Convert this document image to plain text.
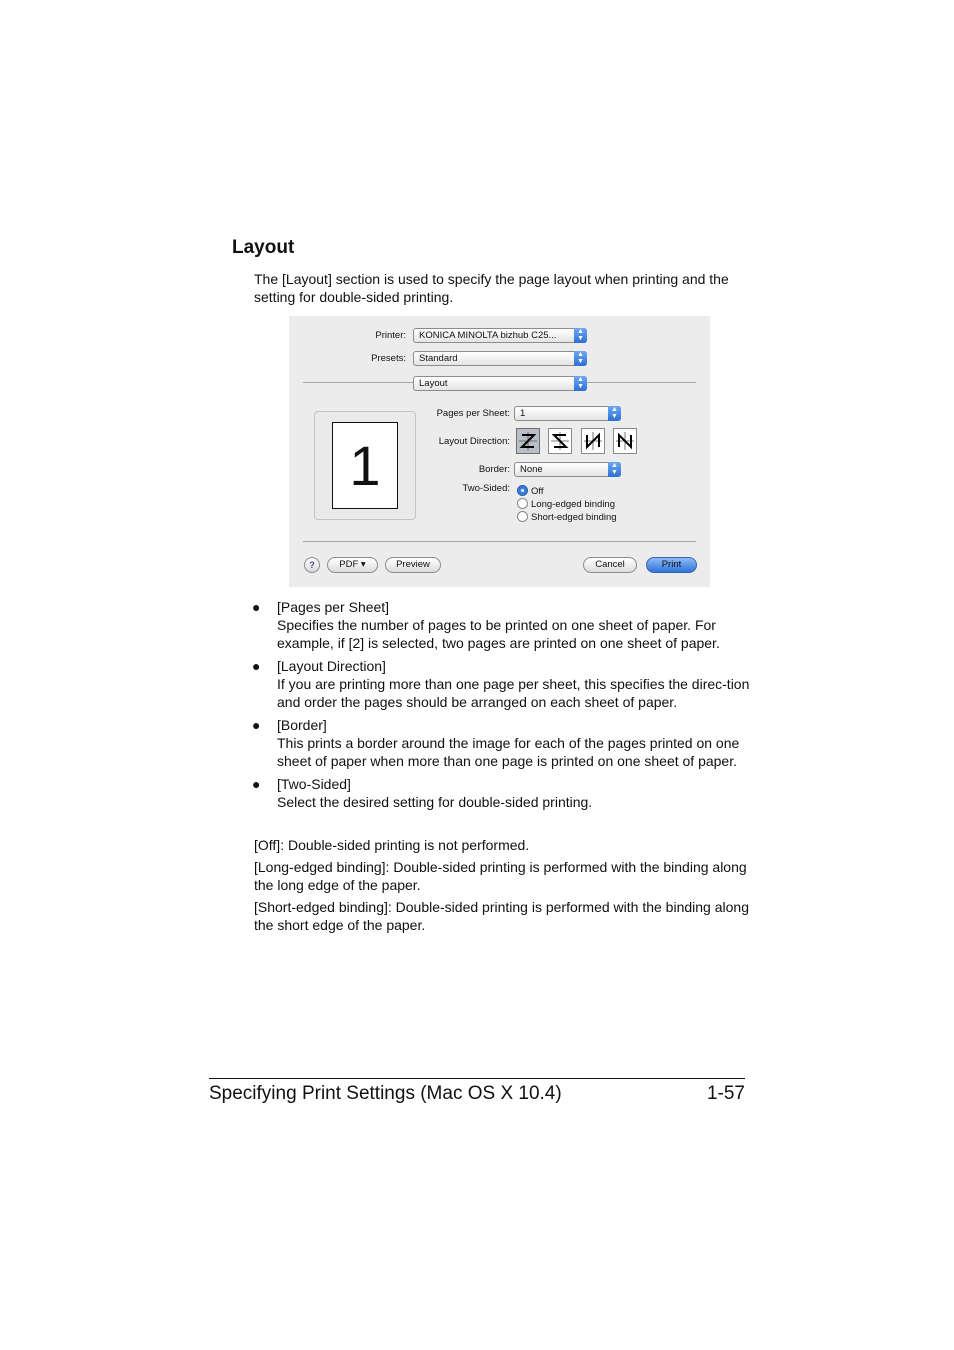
Layout

The [Layout] section is used to specify the page layout when printing and the setting for double-sided printing.

Printer:	KONICA MINOLTA bizhub C25...	▲
▼
Presets:	Standard	▲
▼
Layout	▲
▼
1
Pages per Sheet:	1	▲
▼
Layout Direction:
Border:	None	▲
▼
Two-Sided:	Off
Long-edged binding
Short-edged binding
?	PDF ▾	Preview	Cancel	Print
● [Pages per Sheet]
Specifies the number of pages to be printed on one sheet of paper. For example, if [2] is selected, two pages are printed on one sheet of paper.
● [Layout Direction]
If you are printing more than one page per sheet, this specifies the direc-tion and order the pages should be arranged on each sheet of paper.
● [Border]
This prints a border around the image for each of the pages printed on one sheet of paper when more than one page is printed on one sheet of paper.
● [Two-Sided]
Select the desired setting for double-sided printing.

[Off]: Double-sided printing is not performed.

[Long-edged binding]: Double-sided printing is performed with the binding along the long edge of the paper.

[Short-edged binding]: Double-sided printing is performed with the binding along the short edge of the paper.

Specifying Print Settings (Mac OS X 10.4)	1-57
